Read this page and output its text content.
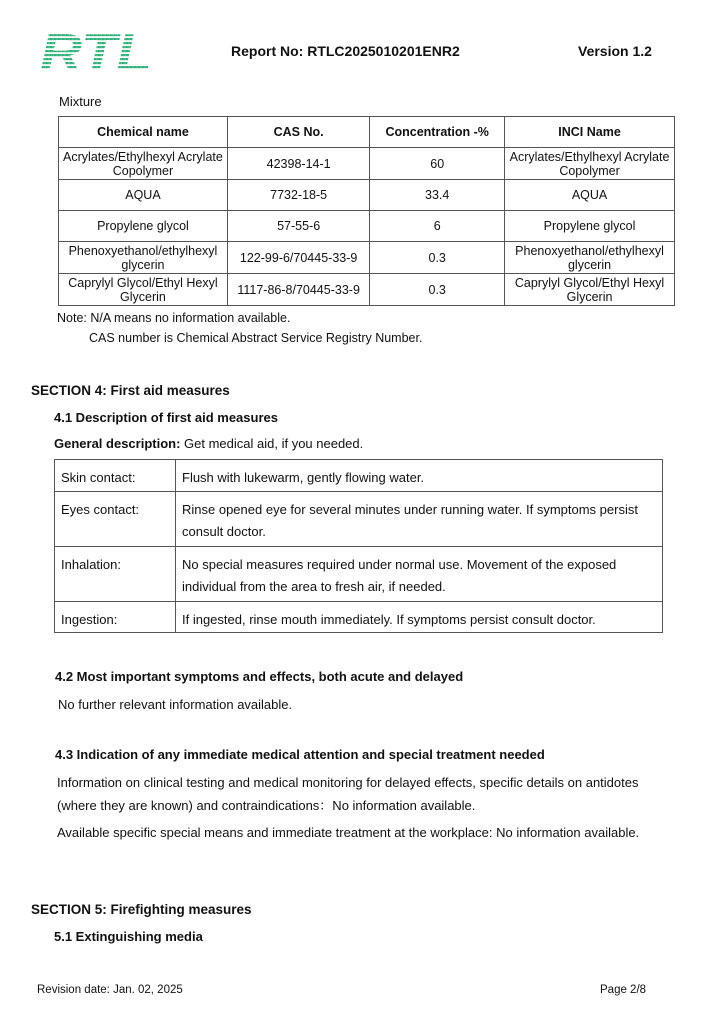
RTL	Report No: RTLC2025010201ENR2	Version 1.2
Mixture
Chemical name	CAS No.	Concentration -%	INCI Name
Acrylates/Ethylhexyl Acrylate Copolymer	42398-14-1	60	Acrylates/Ethylhexyl Acrylate Copolymer
AQUA	7732-18-5	33.4	AQUA
Propylene glycol	57-55-6	6	Propylene glycol
Phenoxyethanol/ethylhexyl glycerin	122-99-6/70445-33-9	0.3	Phenoxyethanol/ethylhexyl glycerin
Caprylyl Glycol/Ethyl Hexyl Glycerin	1117-86-8/70445-33-9	0.3	Caprylyl Glycol/Ethyl Hexyl Glycerin
Note: N/A means no information available.
CAS number is Chemical Abstract Service Registry Number.
SECTION 4: First aid measures
4.1 Description of first aid measures
General description: Get medical aid, if you needed.
Skin contact:	Flush with lukewarm, gently flowing water.
Eyes contact:	Rinse opened eye for several minutes under running water. If symptoms persist consult doctor.
Inhalation:	No special measures required under normal use. Movement of the exposed individual from the area to fresh air, if needed.
Ingestion:	If ingested, rinse mouth immediately. If symptoms persist consult doctor.
4.2 Most important symptoms and effects, both acute and delayed
No further relevant information available.
4.3 Indication of any immediate medical attention and special treatment needed
Information on clinical testing and medical monitoring for delayed effects, specific details on antidotes (where they are known) and contraindications：No information available.
Available specific special means and immediate treatment at the workplace: No information available.
SECTION 5: Firefighting measures
5.1 Extinguishing media
Revision date: Jan. 02, 2025	Page 2/8
